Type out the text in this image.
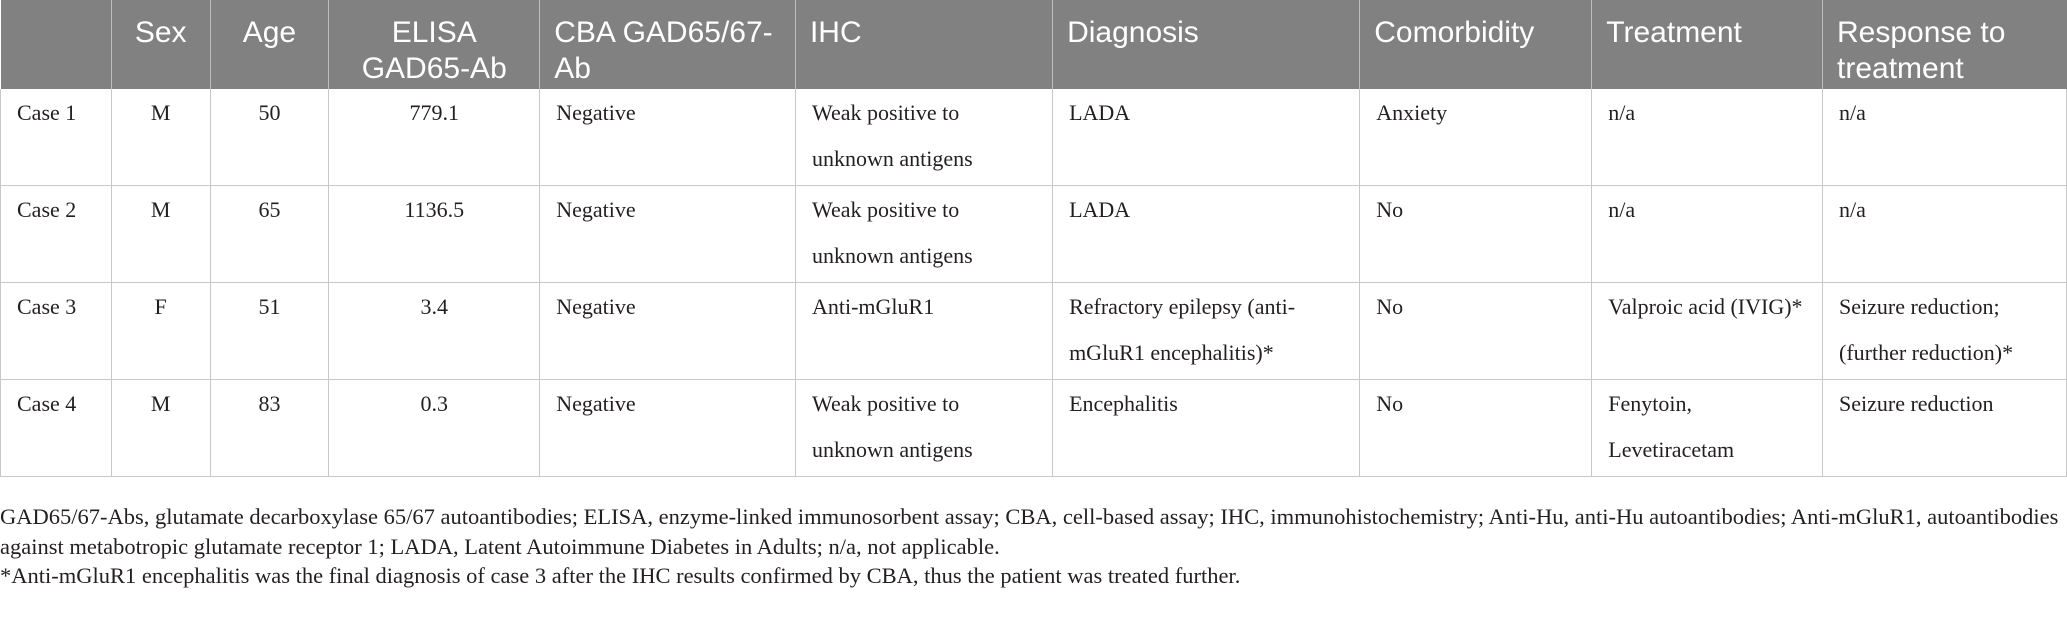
	Sex	Age	ELISA GAD65-Ab	CBA GAD65/67-Ab	IHC	Diagnosis	Comorbidity	Treatment	Response to treatment
Case 1	M	50	779.1	Negative	Weak positive to unknown antigens	LADA	Anxiety	n/a	n/a
Case 2	M	65	1136.5	Negative	Weak positive to unknown antigens	LADA	No	n/a	n/a
Case 3	F	51	3.4	Negative	Anti-mGluR1	Refractory epilepsy (anti-mGluR1 encephalitis)*	No	Valproic acid (IVIG)*	Seizure reduction; (further reduction)*
Case 4	M	83	0.3	Negative	Weak positive to unknown antigens	Encephalitis	No	Fenytoin, Levetiracetam	Seizure reduction

GAD65/67-Abs, glutamate decarboxylase 65/67 autoantibodies; ELISA, enzyme-linked immunosorbent assay; CBA, cell-based assay; IHC, immunohistochemistry; Anti-Hu, anti-Hu autoantibodies; Anti-mGluR1, autoantibodies against metabotropic glutamate receptor 1; LADA, Latent Autoimmune Diabetes in Adults; n/a, not applicable.

*Anti-mGluR1 encephalitis was the final diagnosis of case 3 after the IHC results confirmed by CBA, thus the patient was treated further.
